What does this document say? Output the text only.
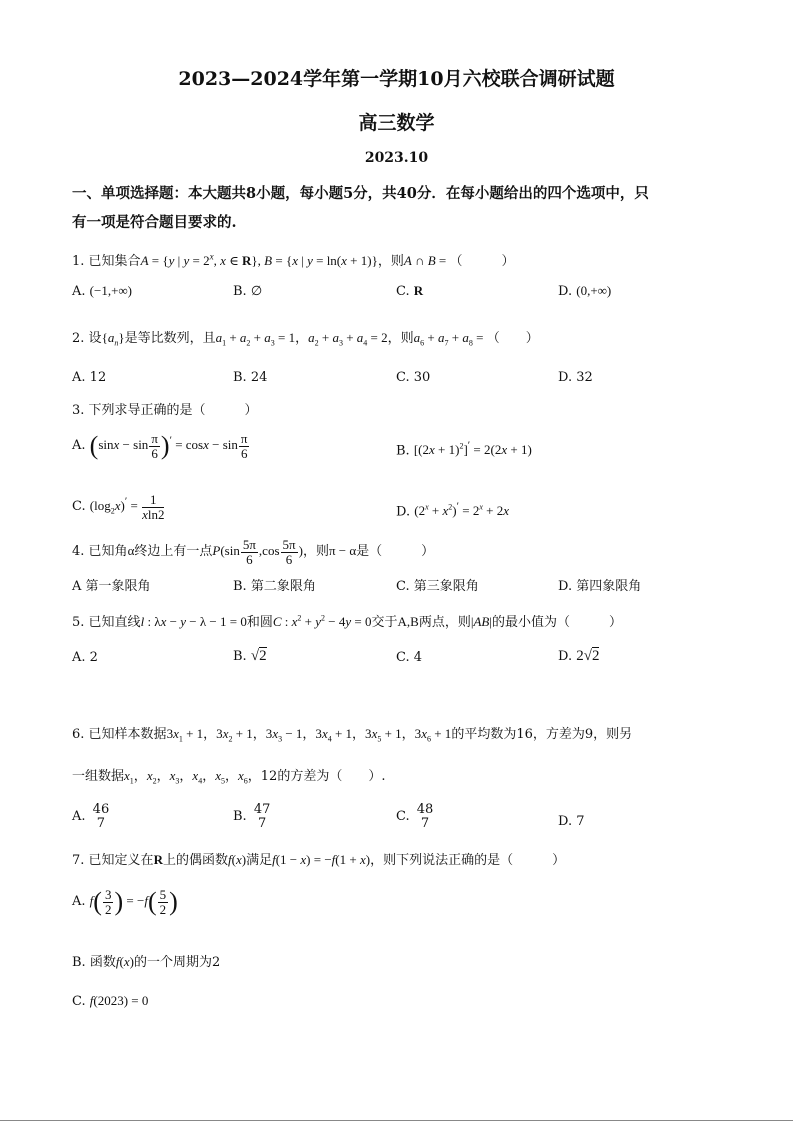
2023—2024学年第一学期10月六校联合调研试题
高三数学
2023.10
一、单项选择题：本大题共8小题，每小题5分，共40分．在每小题给出的四个选项中，只
有一项是符合题目要求的.
1. 已知集合A = {y | $y = 2^x$, x ∈ R}, B = {x | y = ln(x + 1)}，则A ∩ B = （　　　）
A. (−1,+∞)	B. ∅	C. R	D. (0,+∞)
2. 设$\{a_n\}$是等比数列，且$a_1 + a_2 + a_3 = 1$，$a_2 + a_3 + a_4 = 2$，则$a_6 + a_7 + a_8$ = （　　）
A. 12	B. 24	C. 30	D. 32
3. 下列求导正确的是（　　　）
A. $(\sin x - \sin \frac{\pi}{6} )' = \cos x - \sin \frac{\pi}{6}$	B. $[(2x + 1)^2]' = 2(2x + 1)$
C. $(\log_2x)' = \frac{1}{xln2}$	D. $(2^x + x^2)' = 2^x + 2x$
4. 已知角α终边上有一点$P(\sin \frac{5\pi}{6} ,\cos \frac{5\pi}{6}$ )，则π − α是（　　　）
A 第一象限角	B. 第二象限角	C. 第三象限角	D. 第四象限角
5. 已知直线l : λx − y − λ − 1 = 0和圆C : $x^2 + y^2 - 4y = 0$交于A,B两点，则|AB|的最小值为（　　　）
A. 2	B. √2	C. 4	D. 2√2
6. 已知样本数据$3x_1 + 1$，$3x_2 + 1$，$3x_3 - 1$，$3x_4 + 1$，$3x_5 + 1$，$3x_6 + 1$的平均数为16，方差为9，则另
一组数据$x_1$，$x_2$，$x_3$，$x_4$，$x_5$，$x_6$，12的方差为（　　）.
A. 46
7	B. 47
7	C. 48
7	D. 7
7. 已知定义在R上的偶函数f(x)满足f(1 − x) = −f(1 + x)，则下列说法正确的是（　　　）
A. $f( \frac{3}{2}$ ) = $-f( \frac{5}{2}$ )
B. 函数f(x)的一个周期为2
C. f(2023) = 0
